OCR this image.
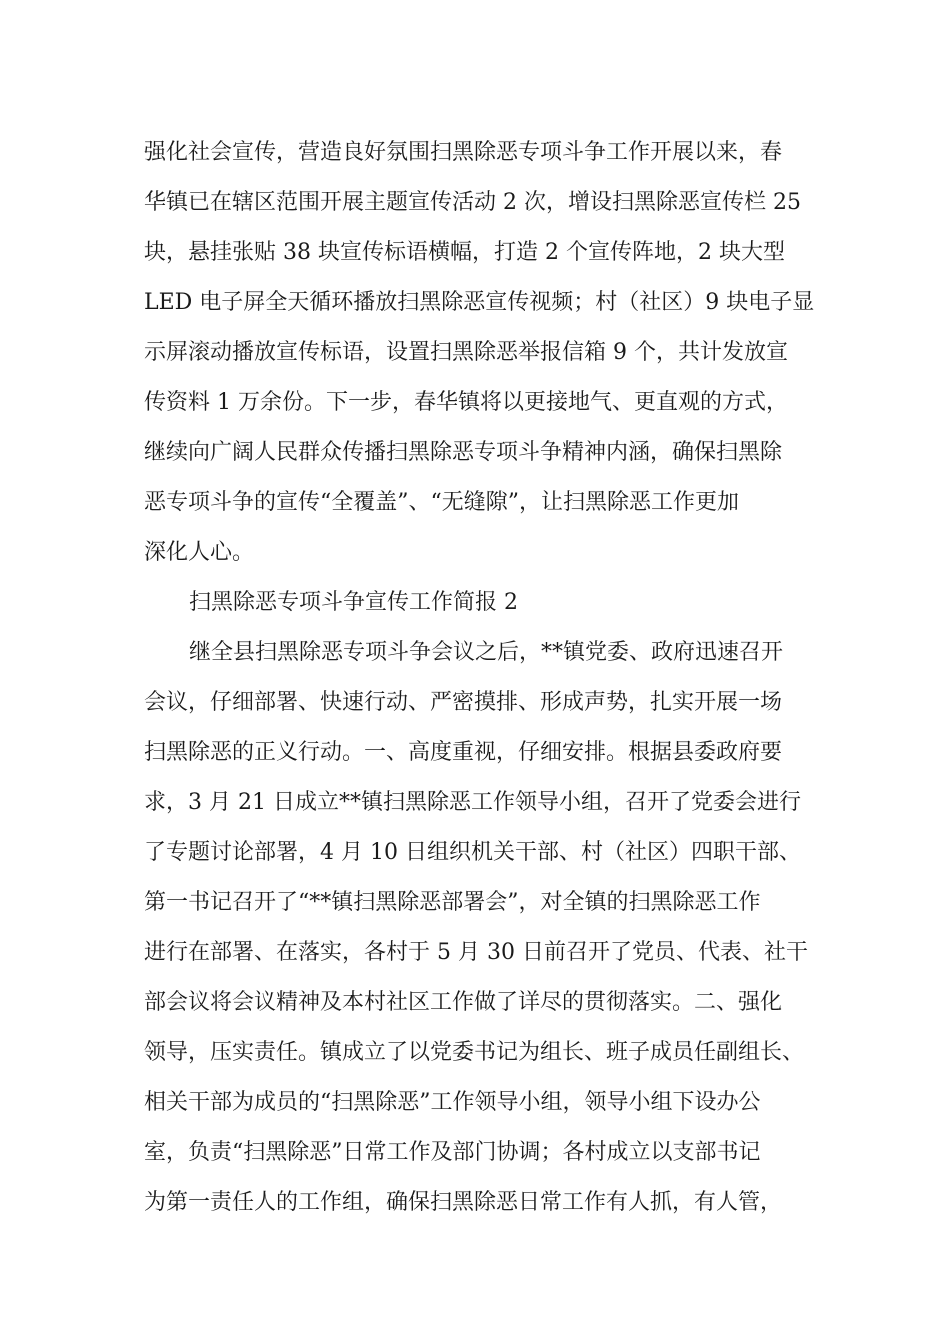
强化社会宣传，营造良好氛围扫黑除恶专项斗争工作开展以来，春
华镇已在辖区范围开展主题宣传活动 2 次，增设扫黑除恶宣传栏 25
块，悬挂张贴 38 块宣传标语横幅，打造 2 个宣传阵地，2 块大型
LED 电子屏全天循环播放扫黑除恶宣传视频；村（社区）9 块电子显
示屏滚动播放宣传标语，设置扫黑除恶举报信箱 9 个，共计发放宣
传资料 1 万余份。下一步，春华镇将以更接地气、更直观的方式，
继续向广阔人民群众传播扫黑除恶专项斗争精神内涵，确保扫黑除
恶专项斗争的宣传“全覆盖”、“无缝隙”，让扫黑除恶工作更加
深化人心。
扫黑除恶专项斗争宣传工作简报 2
继全县扫黑除恶专项斗争会议之后，**镇党委、政府迅速召开
会议，仔细部署、快速行动、严密摸排、形成声势，扎实开展一场
扫黑除恶的正义行动。一、高度重视，仔细安排。根据县委政府要
求，3 月 21 日成立**镇扫黑除恶工作领导小组，召开了党委会进行
了专题讨论部署，4 月 10 日组织机关干部、村（社区）四职干部、
第一书记召开了“**镇扫黑除恶部署会”，对全镇的扫黑除恶工作
进行在部署、在落实，各村于 5 月 30 日前召开了党员、代表、社干
部会议将会议精神及本村社区工作做了详尽的贯彻落实。二、强化
领导，压实责任。镇成立了以党委书记为组长、班子成员任副组长、
相关干部为成员的“扫黑除恶”工作领导小组，领导小组下设办公
室，负责“扫黑除恶”日常工作及部门协调；各村成立以支部书记
为第一责任人的工作组，确保扫黑除恶日常工作有人抓，有人管，
